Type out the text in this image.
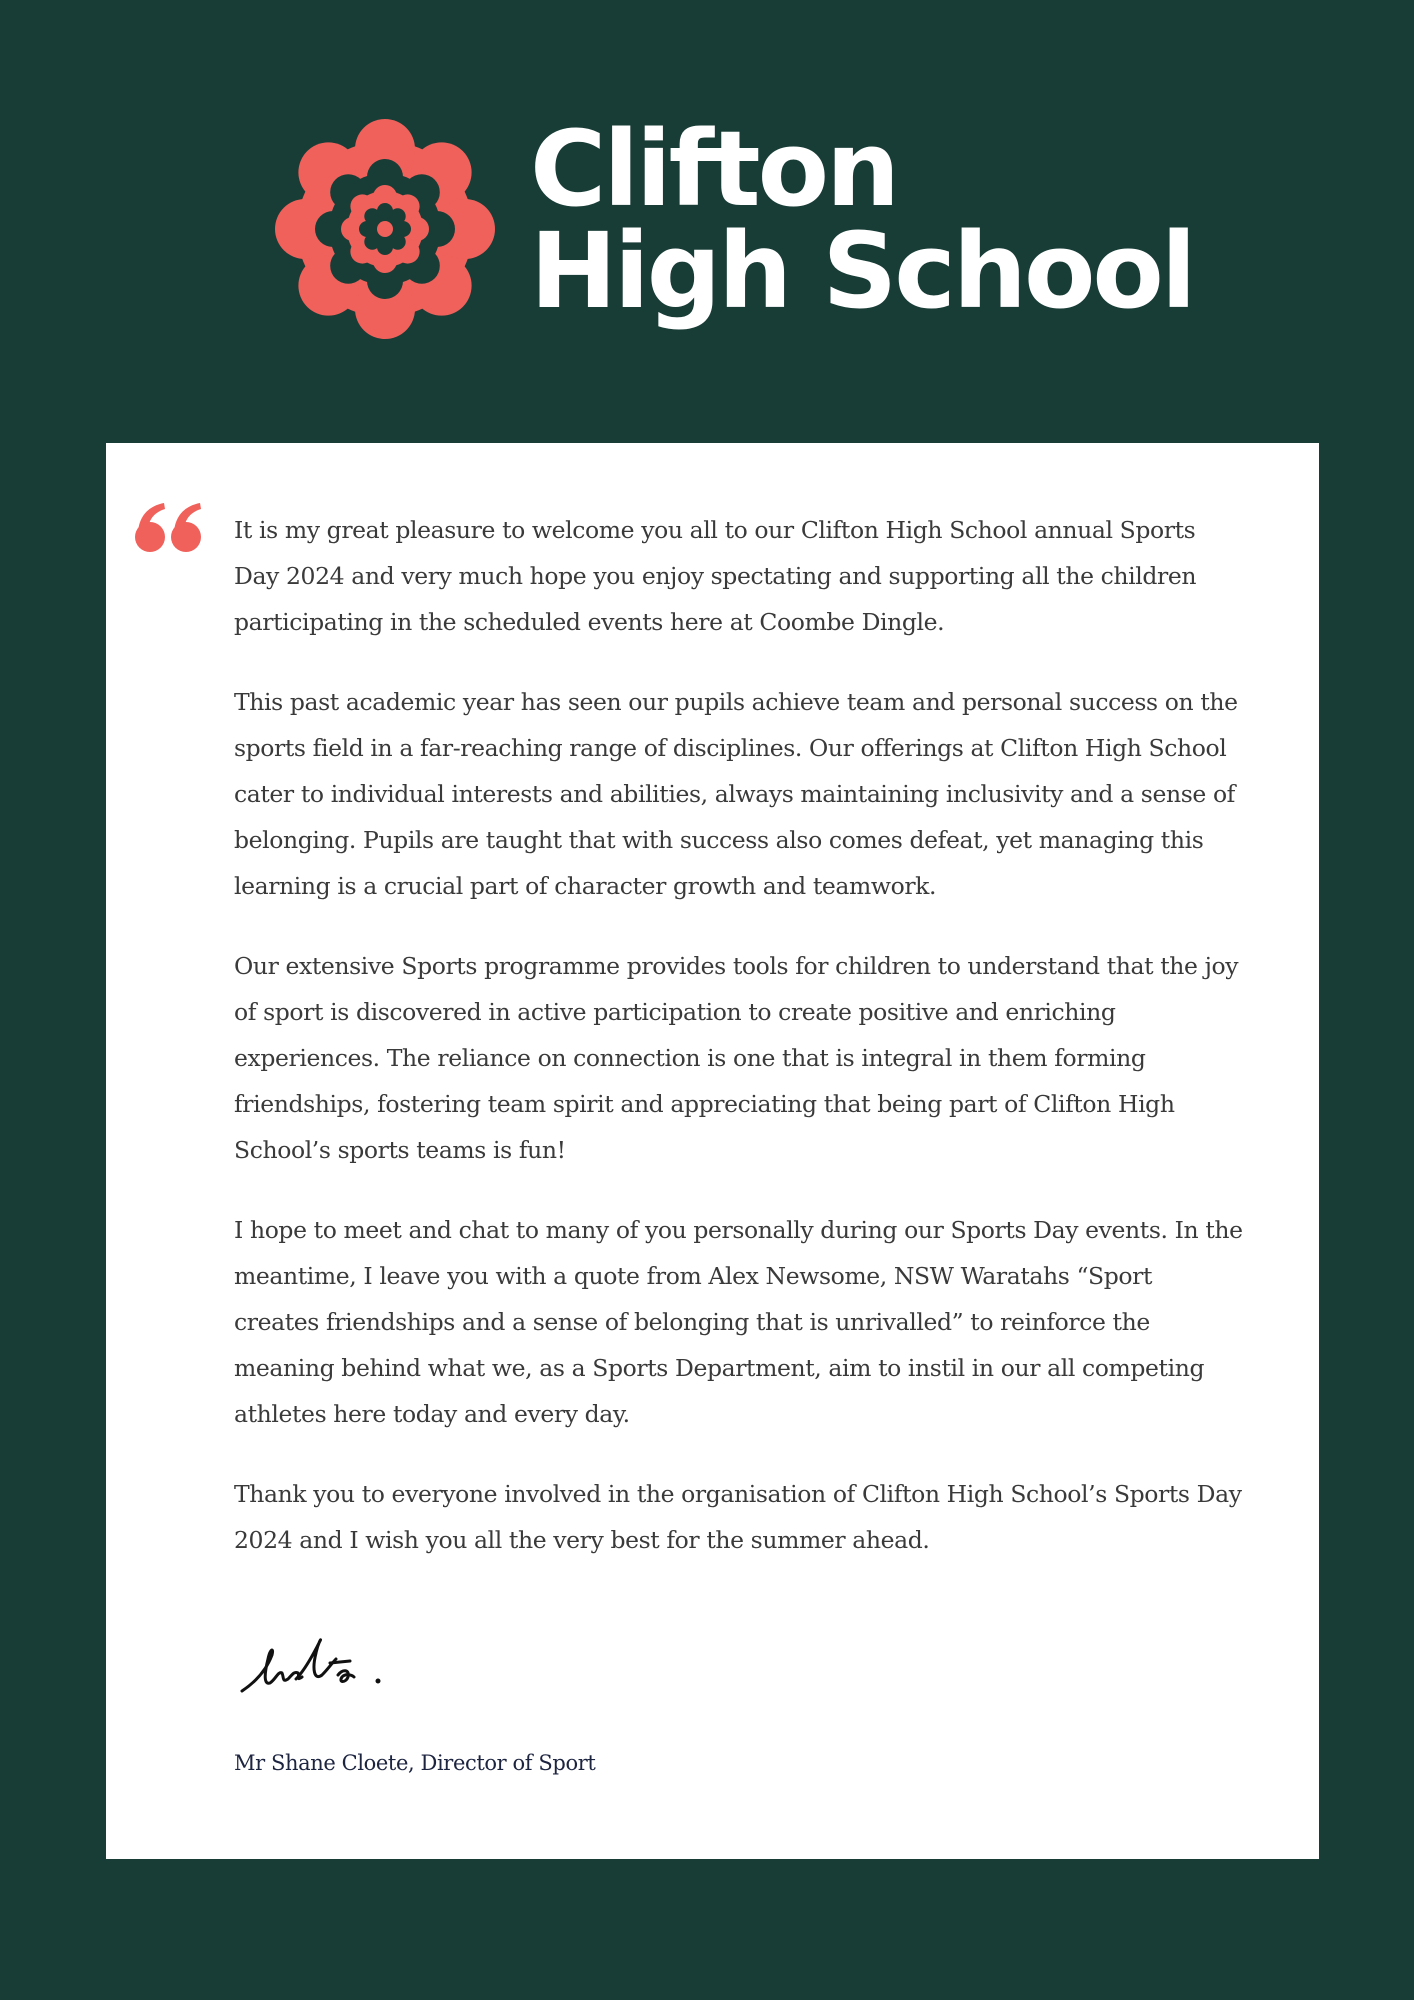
Clifton
High School

It is my great pleasure to welcome you all to our Clifton High School annual Sports Day 2024 and very much hope you enjoy spectating and supporting all the children participating in the scheduled events here at Coombe Dingle.

This past academic year has seen our pupils achieve team and personal success on the sports field in a far-reaching range of disciplines. Our offerings at Clifton High School cater to individual interests and abilities, always maintaining inclusivity and a sense of belonging. Pupils are taught that with success also comes defeat, yet managing this learning is a crucial part of character growth and teamwork.

Our extensive Sports programme provides tools for children to understand that the joy of sport is discovered in active participation to create positive and enriching experiences. The reliance on connection is one that is integral in them forming friendships, fostering team spirit and appreciating that being part of Clifton High School’s sports teams is fun!

I hope to meet and chat to many of you personally during our Sports Day events. In the meantime, I leave you with a quote from Alex Newsome, NSW Waratahs “Sport creates friendships and a sense of belonging that is unrivalled” to reinforce the meaning behind what we, as a Sports Department, aim to instil in our all competing athletes here today and every day.

Thank you to everyone involved in the organisation of Clifton High School’s Sports Day 2024 and I wish you all the very best for the summer ahead.

Mr Shane Cloete, Director of Sport
